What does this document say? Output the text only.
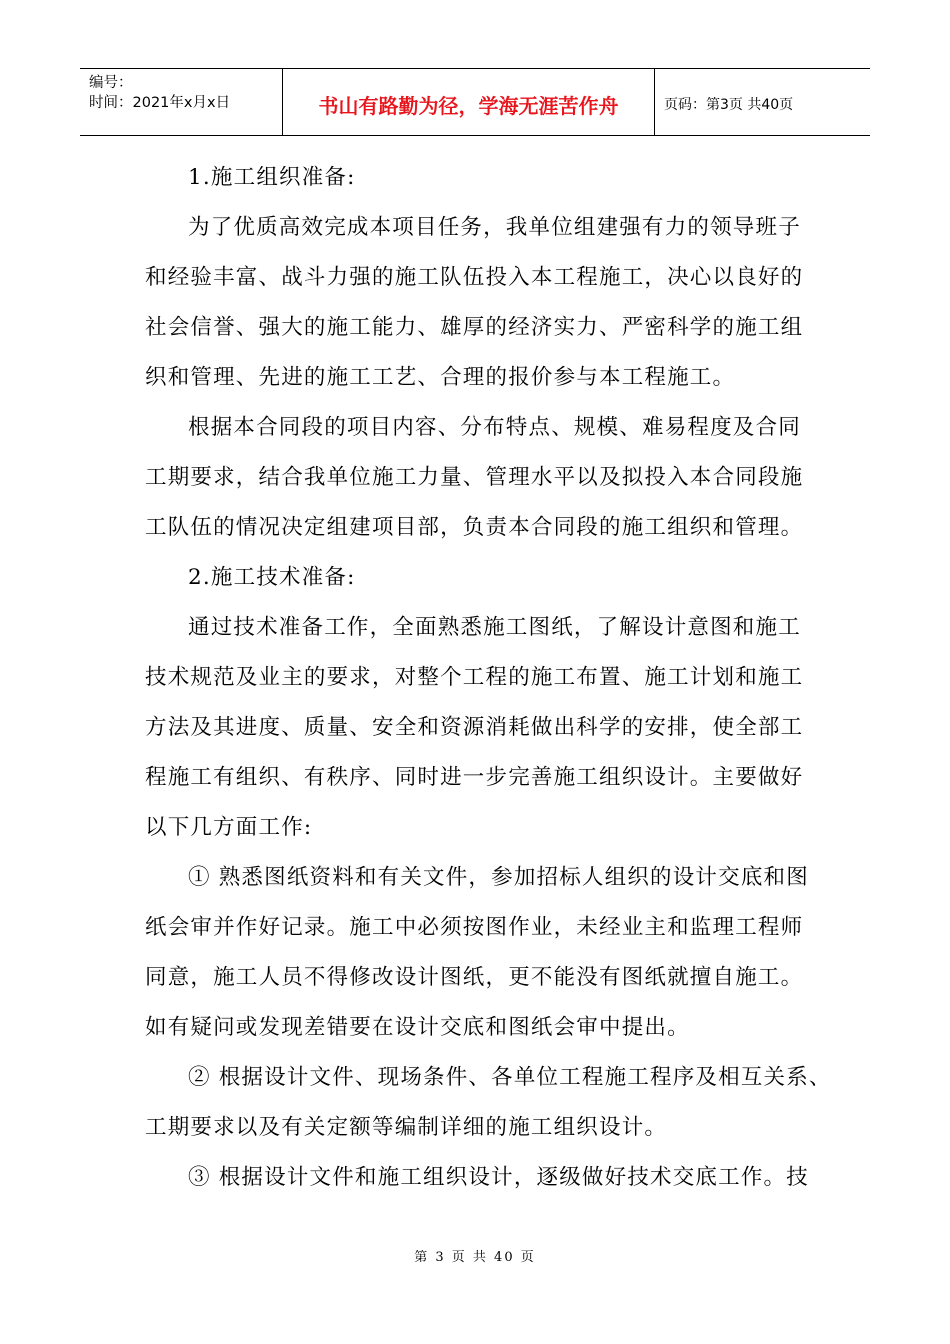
编号：
时间：2021年x月x日	书山有路勤为径，学海无涯苦作舟	页码：第3页 共40页
1.施工组织准备:
为了优质高效完成本项目任务，我单位组建强有力的领导班子
和经验丰富、战斗力强的施工队伍投入本工程施工，决心以良好的
社会信誉、强大的施工能力、雄厚的经济实力、严密科学的施工组
织和管理、先进的施工工艺、合理的报价参与本工程施工。
根据本合同段的项目内容、分布特点、规模、难易程度及合同
工期要求，结合我单位施工力量、管理水平以及拟投入本合同段施
工队伍的情况决定组建项目部，负责本合同段的施工组织和管理。
2.施工技术准备:
通过技术准备工作，全面熟悉施工图纸，了解设计意图和施工
技术规范及业主的要求，对整个工程的施工布置、施工计划和施工
方法及其进度、质量、安全和资源消耗做出科学的安排，使全部工
程施工有组织、有秩序、同时进一步完善施工组织设计。主要做好
以下几方面工作:
① 熟悉图纸资料和有关文件，参加招标人组织的设计交底和图
纸会审并作好记录。施工中必须按图作业，未经业主和监理工程师
同意，施工人员不得修改设计图纸，更不能没有图纸就擅自施工。
如有疑问或发现差错要在设计交底和图纸会审中提出。
② 根据设计文件、现场条件、各单位工程施工程序及相互关系、
工期要求以及有关定额等编制详细的施工组织设计。
③ 根据设计文件和施工组织设计，逐级做好技术交底工作。技
第 3 页 共 40 页
